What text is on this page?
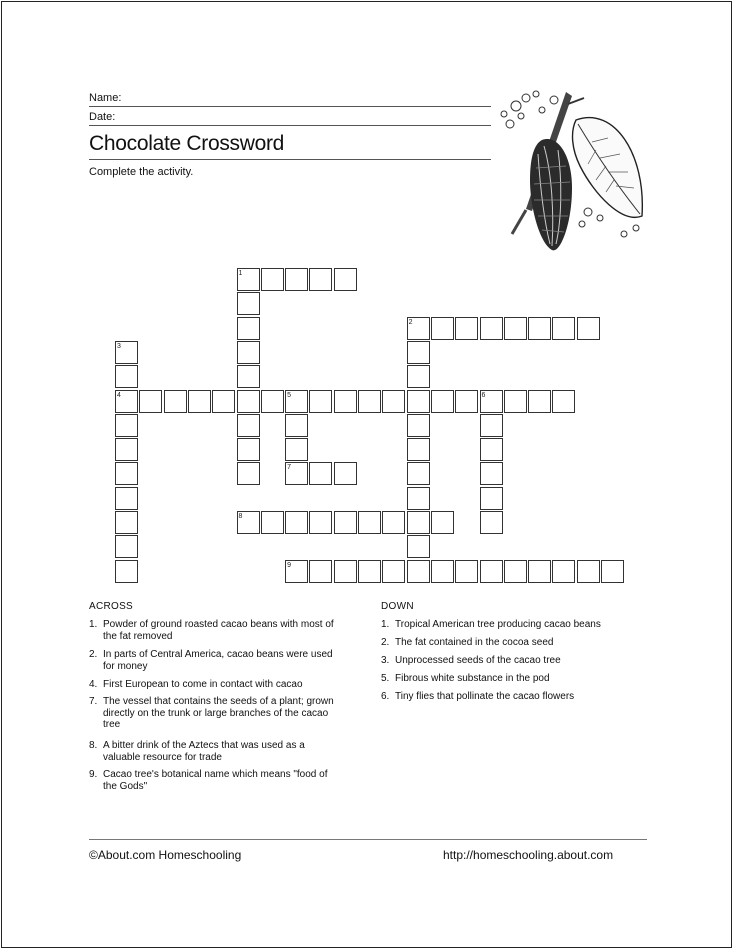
Name:
Date:
Chocolate Crossword
Complete the activity.
1
2
3
4	5	6
7
8
9
ACROSS
1. Powder of ground roasted cacao beans with most of the fat removed
2. In parts of Central America, cacao beans were used for money
4. First European to come in contact with cacao
7. The vessel that contains the seeds of a plant; grown directly on the trunk or large branches of the cacao tree
8. A bitter drink of the Aztecs that was used as a valuable resource for trade
9. Cacao tree's botanical name which means "food of the Gods"
DOWN
1. Tropical American tree producing cacao beans
2. The fat contained in the cocoa seed
3. Unprocessed seeds of the cacao tree
5. Fibrous white substance in the pod
6. Tiny flies that pollinate the cacao flowers
©About.com Homeschooling	http://homeschooling.about.com
